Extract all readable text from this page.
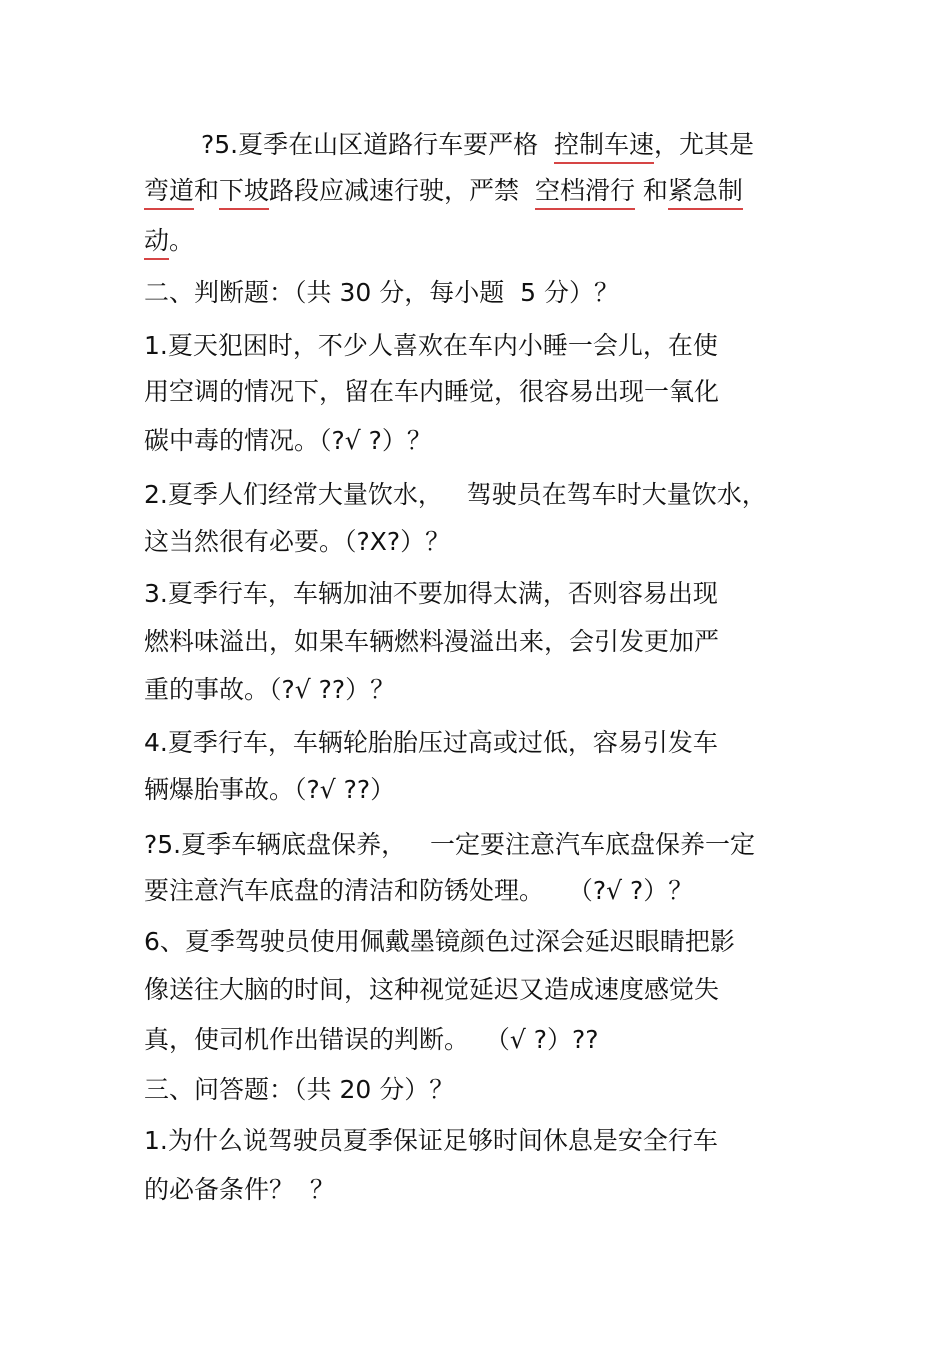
?5.夏季在山区道路行车要严格  控制车速，尤其是
弯道和下坡路段应减速行驶，严禁  空档滑行 和紧急制
动。
二、判断题：（共 30 分，每小题  5 分）？
1.夏天犯困时，不少人喜欢在车内小睡一会儿，在使
用空调的情况下，留在车内睡觉，很容易出现一氧化
碳中毒的情况。（?√ ?）？
2.夏季人们经常大量饮水，   驾驶员在驾车时大量饮水，
这当然很有必要。（?X?）？
3.夏季行车，车辆加油不要加得太满，否则容易出现
燃料味溢出，如果车辆燃料漫溢出来，会引发更加严
重的事故。（?√ ??）？
4.夏季行车，车辆轮胎胎压过高或过低，容易引发车
辆爆胎事故。（?√ ??）
?5.夏季车辆底盘保养，   一定要注意汽车底盘保养一定
要注意汽车底盘的清洁和防锈处理。   （?√ ?）？
6、夏季驾驶员使用佩戴墨镜颜色过深会延迟眼睛把影
像送往大脑的时间，这种视觉延迟又造成速度感觉失
真，使司机作出错误的判断。  （√ ?）??
三、问答题：（共 20 分）？
1.为什么说驾驶员夏季保证足够时间休息是安全行车
的必备条件？  ？
